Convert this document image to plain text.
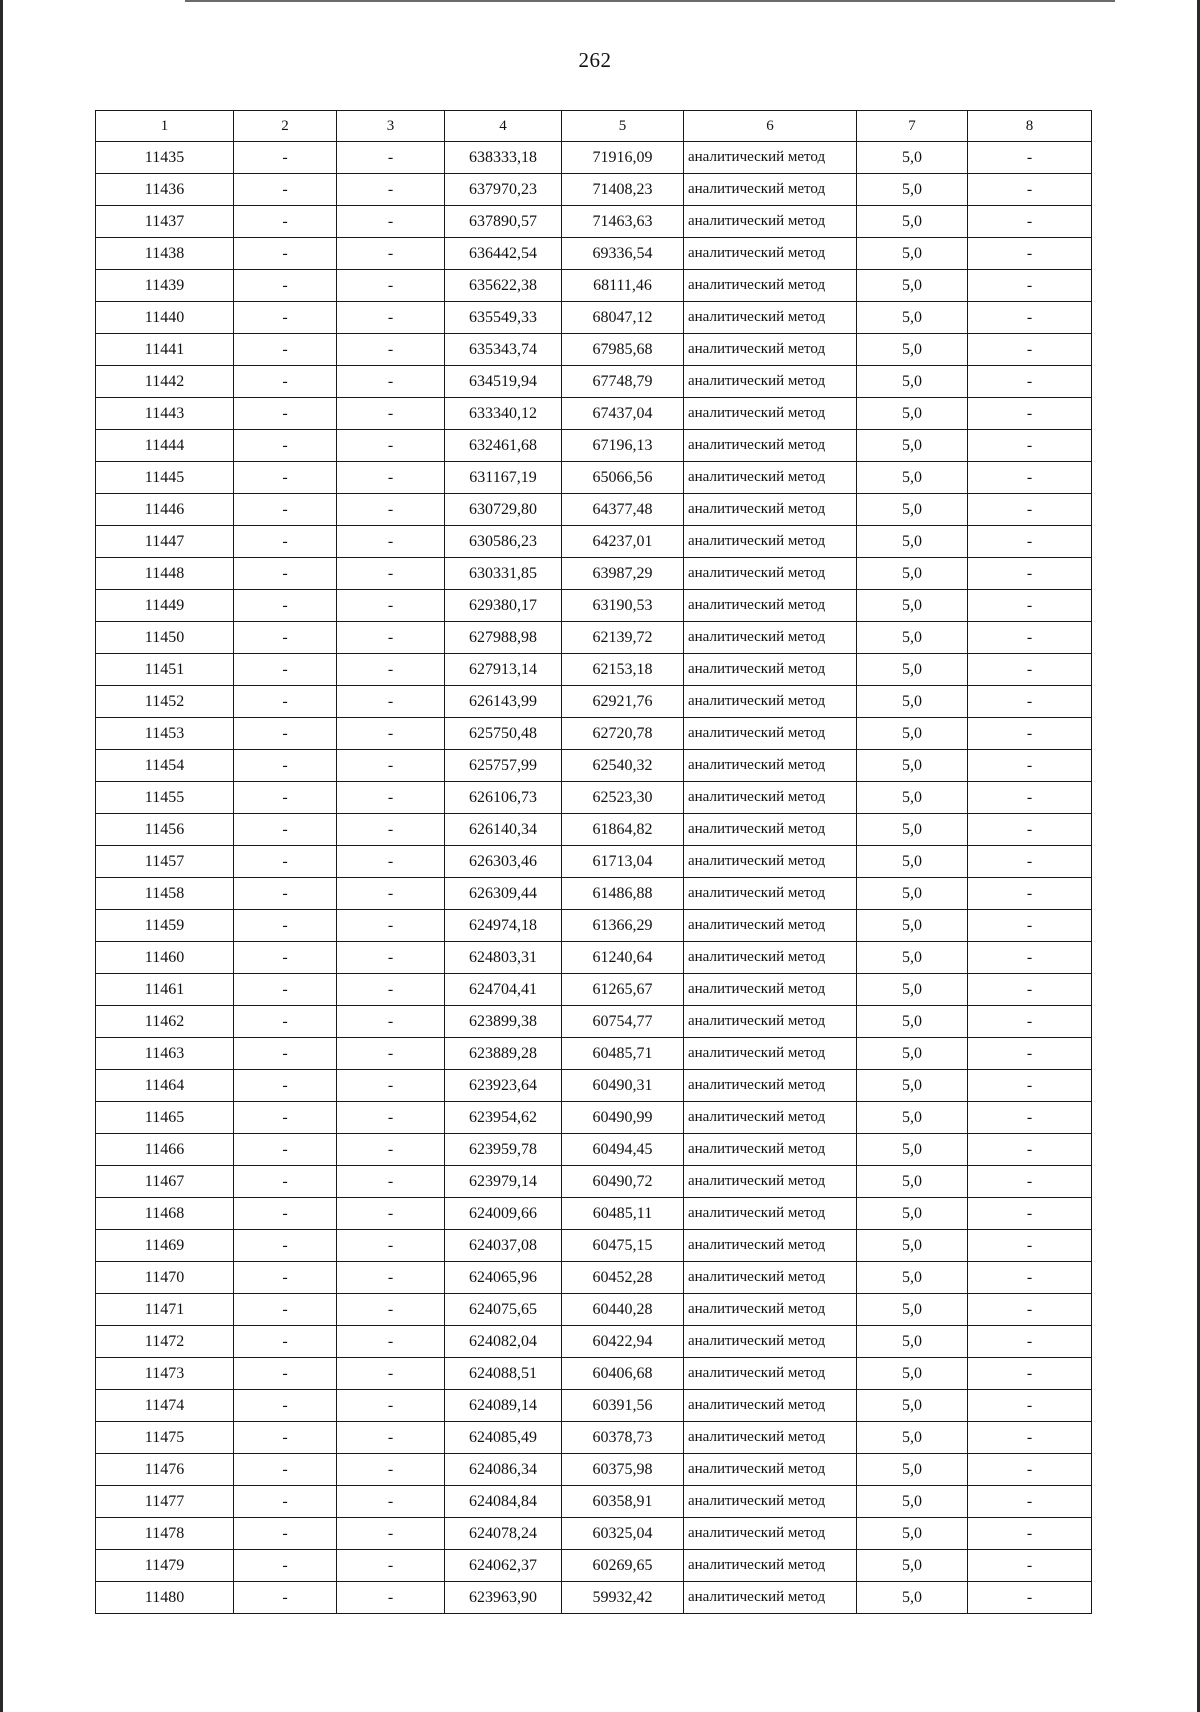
262
1	2	3	4	5	6	7	8
11435	-	-	638333,18	71916,09	аналитический метод	5,0	-
11436	-	-	637970,23	71408,23	аналитический метод	5,0	-
11437	-	-	637890,57	71463,63	аналитический метод	5,0	-
11438	-	-	636442,54	69336,54	аналитический метод	5,0	-
11439	-	-	635622,38	68111,46	аналитический метод	5,0	-
11440	-	-	635549,33	68047,12	аналитический метод	5,0	-
11441	-	-	635343,74	67985,68	аналитический метод	5,0	-
11442	-	-	634519,94	67748,79	аналитический метод	5,0	-
11443	-	-	633340,12	67437,04	аналитический метод	5,0	-
11444	-	-	632461,68	67196,13	аналитический метод	5,0	-
11445	-	-	631167,19	65066,56	аналитический метод	5,0	-
11446	-	-	630729,80	64377,48	аналитический метод	5,0	-
11447	-	-	630586,23	64237,01	аналитический метод	5,0	-
11448	-	-	630331,85	63987,29	аналитический метод	5,0	-
11449	-	-	629380,17	63190,53	аналитический метод	5,0	-
11450	-	-	627988,98	62139,72	аналитический метод	5,0	-
11451	-	-	627913,14	62153,18	аналитический метод	5,0	-
11452	-	-	626143,99	62921,76	аналитический метод	5,0	-
11453	-	-	625750,48	62720,78	аналитический метод	5,0	-
11454	-	-	625757,99	62540,32	аналитический метод	5,0	-
11455	-	-	626106,73	62523,30	аналитический метод	5,0	-
11456	-	-	626140,34	61864,82	аналитический метод	5,0	-
11457	-	-	626303,46	61713,04	аналитический метод	5,0	-
11458	-	-	626309,44	61486,88	аналитический метод	5,0	-
11459	-	-	624974,18	61366,29	аналитический метод	5,0	-
11460	-	-	624803,31	61240,64	аналитический метод	5,0	-
11461	-	-	624704,41	61265,67	аналитический метод	5,0	-
11462	-	-	623899,38	60754,77	аналитический метод	5,0	-
11463	-	-	623889,28	60485,71	аналитический метод	5,0	-
11464	-	-	623923,64	60490,31	аналитический метод	5,0	-
11465	-	-	623954,62	60490,99	аналитический метод	5,0	-
11466	-	-	623959,78	60494,45	аналитический метод	5,0	-
11467	-	-	623979,14	60490,72	аналитический метод	5,0	-
11468	-	-	624009,66	60485,11	аналитический метод	5,0	-
11469	-	-	624037,08	60475,15	аналитический метод	5,0	-
11470	-	-	624065,96	60452,28	аналитический метод	5,0	-
11471	-	-	624075,65	60440,28	аналитический метод	5,0	-
11472	-	-	624082,04	60422,94	аналитический метод	5,0	-
11473	-	-	624088,51	60406,68	аналитический метод	5,0	-
11474	-	-	624089,14	60391,56	аналитический метод	5,0	-
11475	-	-	624085,49	60378,73	аналитический метод	5,0	-
11476	-	-	624086,34	60375,98	аналитический метод	5,0	-
11477	-	-	624084,84	60358,91	аналитический метод	5,0	-
11478	-	-	624078,24	60325,04	аналитический метод	5,0	-
11479	-	-	624062,37	60269,65	аналитический метод	5,0	-
11480	-	-	623963,90	59932,42	аналитический метод	5,0	-
